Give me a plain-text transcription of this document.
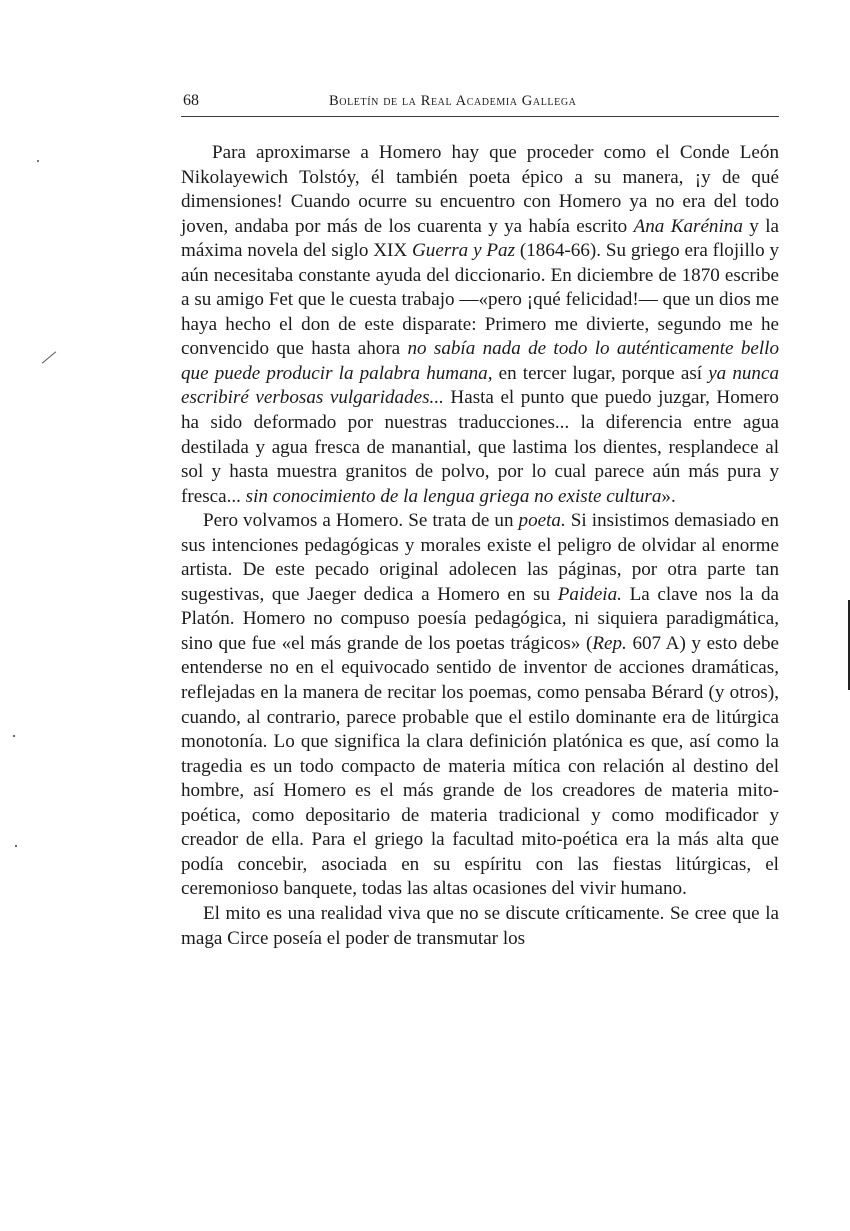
68	Boletín de la Real Academia Gallega

Para aproximarse a Homero hay que proceder como el Conde León Nikolayewich Tolstóy, él también poeta épico a su manera, ¡y de qué dimensiones! Cuando ocurre su encuentro con Homero ya no era del todo joven, andaba por más de los cuarenta y ya había escrito Ana Karénina y la máxima novela del siglo XIX Guerra y Paz (1864-66). Su griego era flojillo y aún necesitaba constante ayuda del diccionario. En diciembre de 1870 escribe a su amigo Fet que le cuesta trabajo —«pero ¡qué felicidad!— que un dios me haya hecho el don de este disparate: Primero me divierte, segundo me he convencido que hasta ahora no sabía nada de todo lo auténticamente bello que puede producir la palabra humana, en tercer lugar, porque así ya nunca escribiré verbosas vulgaridades... Hasta el punto que puedo juzgar, Homero ha sido deformado por nuestras traducciones... la diferencia entre agua destilada y agua fresca de manantial, que lastima los dientes, resplandece al sol y hasta muestra granitos de polvo, por lo cual parece aún más pura y fresca... sin conocimiento de la lengua griega no existe cultura».

Pero volvamos a Homero. Se trata de un poeta. Si insistimos demasiado en sus intenciones pedagógicas y morales existe el peligro de olvidar al enorme artista. De este pecado original adolecen las páginas, por otra parte tan sugestivas, que Jaeger dedica a Homero en su Paideia. La clave nos la da Platón. Homero no compuso poesía pedagógica, ni siquiera paradigmática, sino que fue «el más grande de los poetas trágicos» (Rep. 607 A) y esto debe entenderse no en el equivocado sentido de inventor de acciones dramáticas, reflejadas en la manera de recitar los poemas, como pensaba Bérard (y otros), cuando, al contrario, parece probable que el estilo dominante era de litúrgica monotonía. Lo que significa la clara definición platónica es que, así como la tragedia es un todo compacto de materia mítica con relación al destino del hombre, así Homero es el más grande de los creadores de materia mito-poética, como depositario de materia tradicional y como modificador y creador de ella. Para el griego la facultad mito-poética era la más alta que podía concebir, asociada en su espíritu con las fiestas litúrgicas, el ceremonioso banquete, todas las altas ocasiones del vivir humano.

El mito es una realidad viva que no se discute críticamente. Se cree que la maga Circe poseía el poder de transmutar los
